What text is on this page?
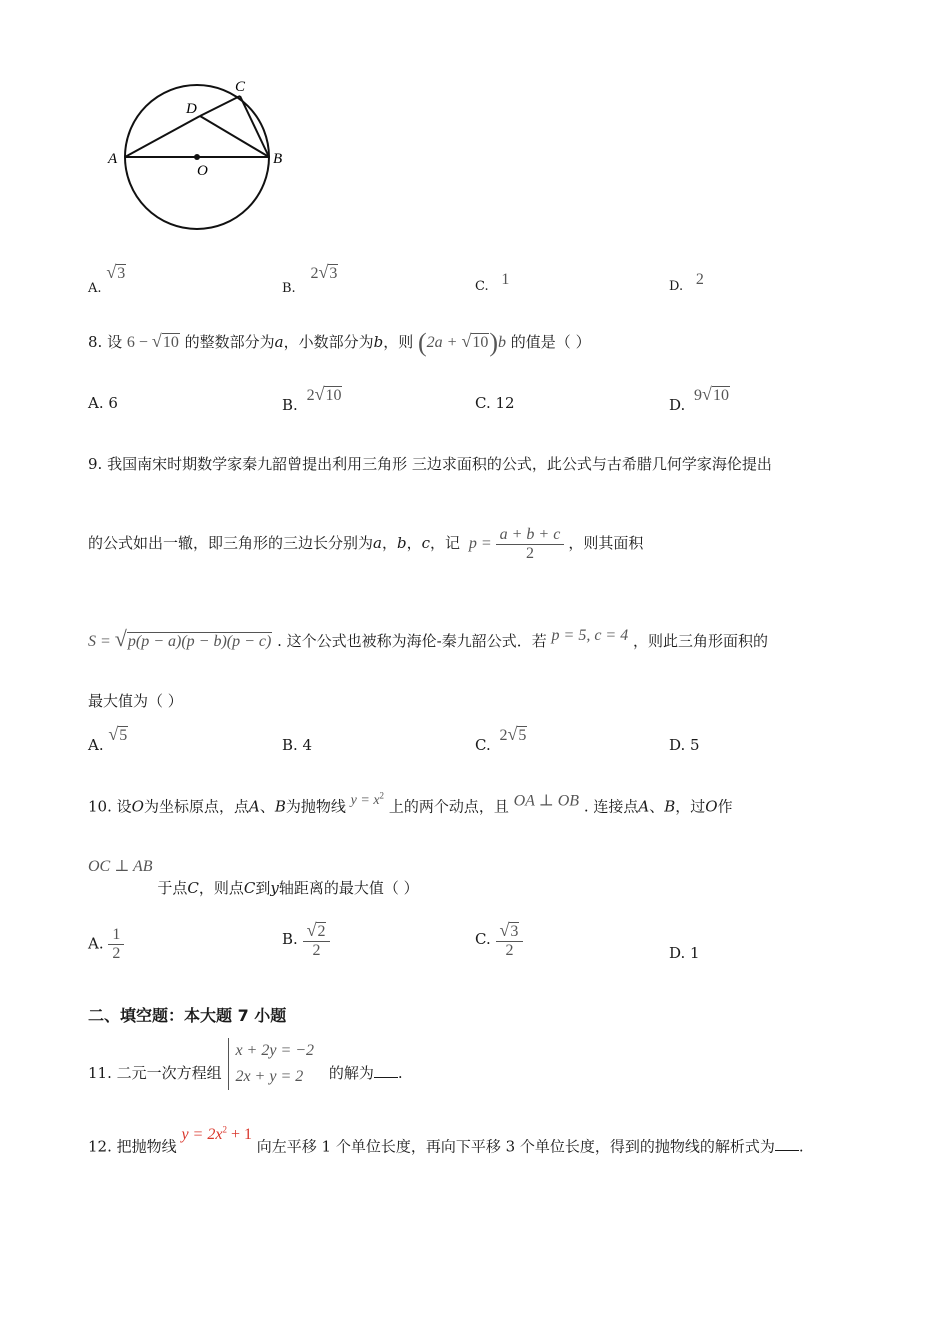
A	B
C
D
O
A. √3
B. 2√3
C. 1	D. 2
8. 设 6 − √10 的整数部分为a，小数部分为b，则 (2a + √10)b 的值是（ ）
A. 6	B. 2√10	C. 12	D. 9√10
9. 我国南宋时期数学家秦九韶曾提出利用三角形 三边求面积的公式，此公式与古希腊几何学家海伦提出
的公式如出一辙，即三角形的三边长分别为a，b，c，记 $p = \frac{a + b + c}{2}$ ，则其面积
S = √p(p − a)(p − b)(p − c) . 这个公式也被称为海伦-秦九韶公式．若 p = 5, c = 4 ，则此三角形面积的
最大值为（ ）
A. √5
B. 4	C. 2√5
D. 5
10. 设O为坐标原点，点A、B为抛物线 $y = x^2$ 上的两个动点，且 OA ⊥ OB . 连接点A、B，过O作
OC ⊥ AB 于点C，则点C到y轴距离的最大值（ ）
A. $\frac{1}{2}$	B. $\frac{√2}{2}$	C. $\frac{√3}{2}$	D. 1
二、填空题：本大题 7 小题
11. 二元一次方程组
x + 2y = −2
2x + y = 2	的解为 .
12. 把抛物线 $y = 2x^2 + 1$ 向左平移 1 个单位长度，再向下平移 3 个单位长度，得到的抛物线的解析式为 .
